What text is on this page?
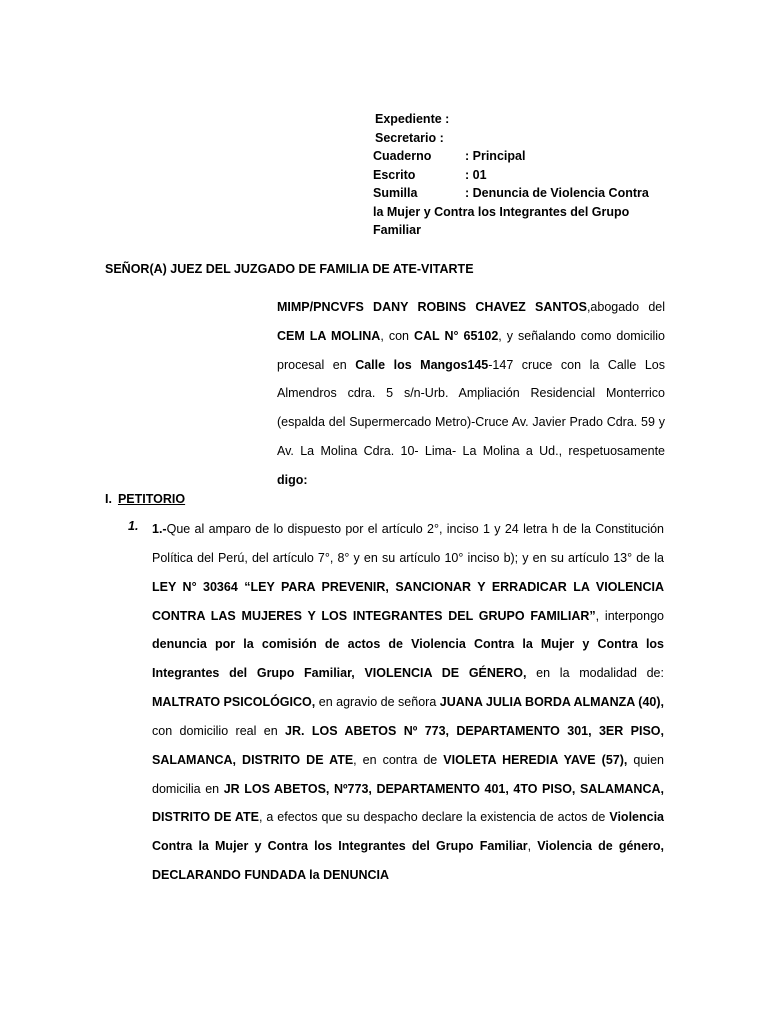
Expediente :
Secretario :
Cuaderno	: Principal
Escrito	: 01
Sumilla	: Denuncia de Violencia Contra
la Mujer y Contra los Integrantes del Grupo Familiar
SEÑOR(A) JUEZ DEL JUZGADO DE FAMILIA DE ATE-VITARTE
MIMP/PNCVFS DANY ROBINS CHAVEZ SANTOS,abogado del CEM LA MOLINA, con CAL N° 65102, y señalando como domicilio procesal en Calle los Mangos145-147 cruce con la Calle Los Almendros cdra. 5 s/n-Urb. Ampliación Residencial Monterrico (espalda del Supermercado Metro)-Cruce Av. Javier Prado Cdra. 59 y Av. La Molina Cdra. 10- Lima- La Molina a Ud., respetuosamente digo:
I. PETITORIO
1. 1.-Que al amparo de lo dispuesto por el artículo 2°, inciso 1 y 24 letra h de la Constitución Política del Perú, del artículo 7°, 8° y en su artículo 10° inciso b); y en su artículo 13° de la LEY N° 30364 “LEY PARA PREVENIR, SANCIONAR Y ERRADICAR LA VIOLENCIA CONTRA LAS MUJERES Y LOS INTEGRANTES DEL GRUPO FAMILIAR”, interpongo denuncia por la comisión de actos de Violencia Contra la Mujer y Contra los Integrantes del Grupo Familiar, VIOLENCIA DE GÉNERO, en la modalidad de: MALTRATO PSICOLÓGICO, en agravio de señora JUANA JULIA BORDA ALMANZA (40), con domicilio real en JR. LOS ABETOS Nº 773, DEPARTAMENTO 301, 3ER PISO, SALAMANCA, DISTRITO DE ATE, en contra de VIOLETA HEREDIA YAVE (57), quien domicilia en JR LOS ABETOS, Nº773, DEPARTAMENTO 401, 4TO PISO, SALAMANCA, DISTRITO DE ATE, a efectos que su despacho declare la existencia de actos de Violencia Contra la Mujer y Contra los Integrantes del Grupo Familiar, Violencia de género, DECLARANDO FUNDADA la DENUNCIA
